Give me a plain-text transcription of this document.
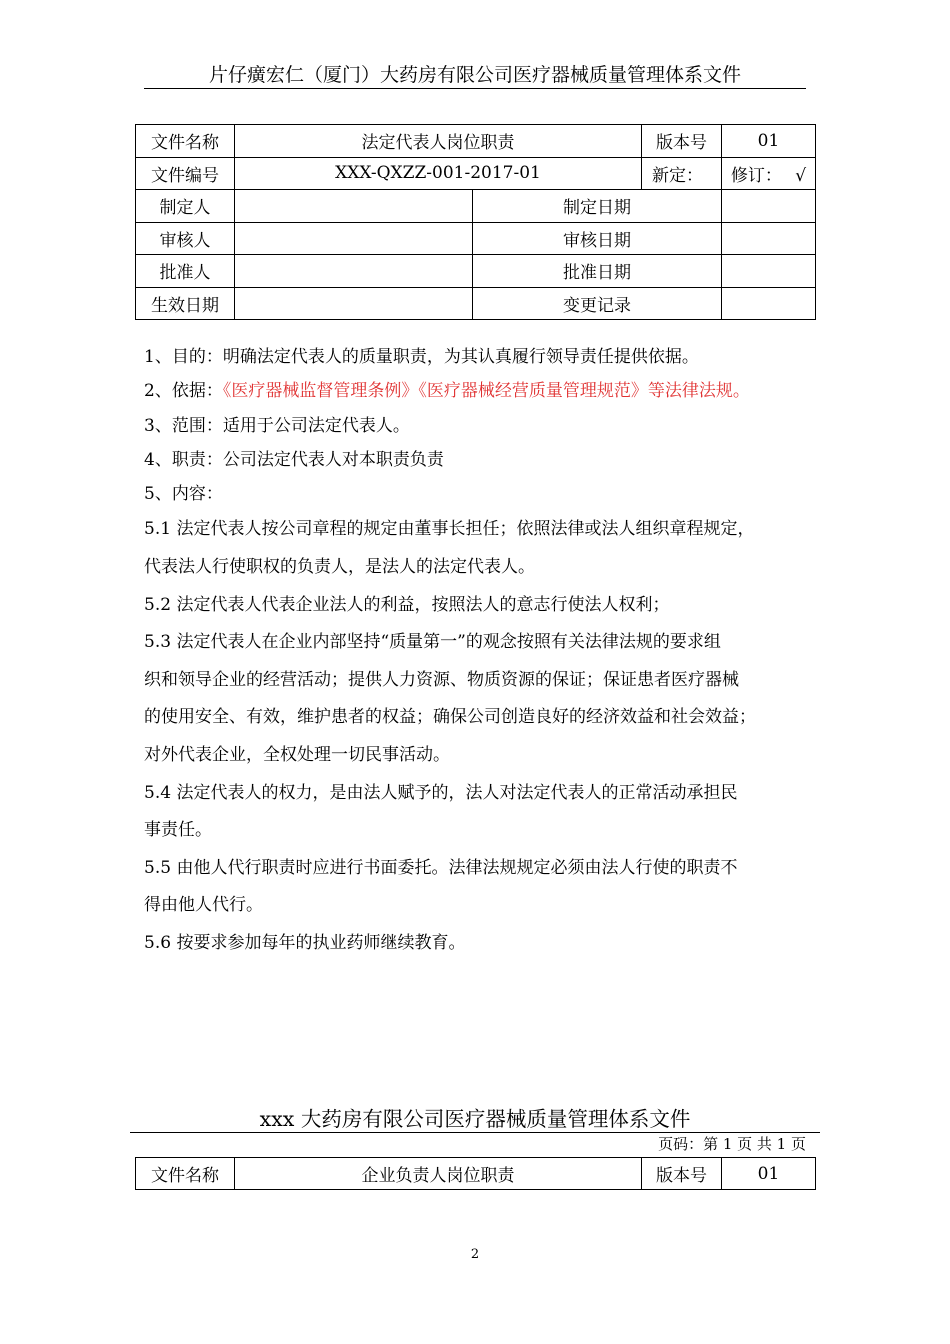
片仔癀宏仁（厦门）大药房有限公司医疗器械质量管理体系文件
文件名称	法定代表人岗位职责		版本号	01
文件编号	XXX-QXZZ-001-2017-01		新定：	修订： √
制定人		制定日期		
审核人		审核日期		
批准人		批准日期		
生效日期		变更记录		

1、目的：明确法定代表人的质量职责，为其认真履行领导责任提供依据。

2、依据：《医疗器械监督管理条例》《医疗器械经营质量管理规范》等法律法规。

3、范围：适用于公司法定代表人。

4、职责：公司法定代表人对本职责负责

5、内容：

5.1 法定代表人按公司章程的规定由董事长担任；依照法律或法人组织章程规定，

代表法人行使职权的负责人，是法人的法定代表人。

5.2 法定代表人代表企业法人的利益，按照法人的意志行使法人权利；

5.3 法定代表人在企业内部坚持“质量第一”的观念按照有关法律法规的要求组

织和领导企业的经营活动；提供人力资源、物质资源的保证；保证患者医疗器械

的使用安全、有效，维护患者的权益；确保公司创造良好的经济效益和社会效益；

对外代表企业，全权处理一切民事活动。

5.4 法定代表人的权力，是由法人赋予的，法人对法定代表人的正常活动承担民

事责任。

5.5 由他人代行职责时应进行书面委托。法律法规规定必须由法人行使的职责不

得由他人代行。

5.6 按要求参加每年的执业药师继续教育。

xxx 大药房有限公司医疗器械质量管理体系文件
页码：第 1 页 共 1 页
文件名称	企业负责人岗位职责	版本号	01
2
